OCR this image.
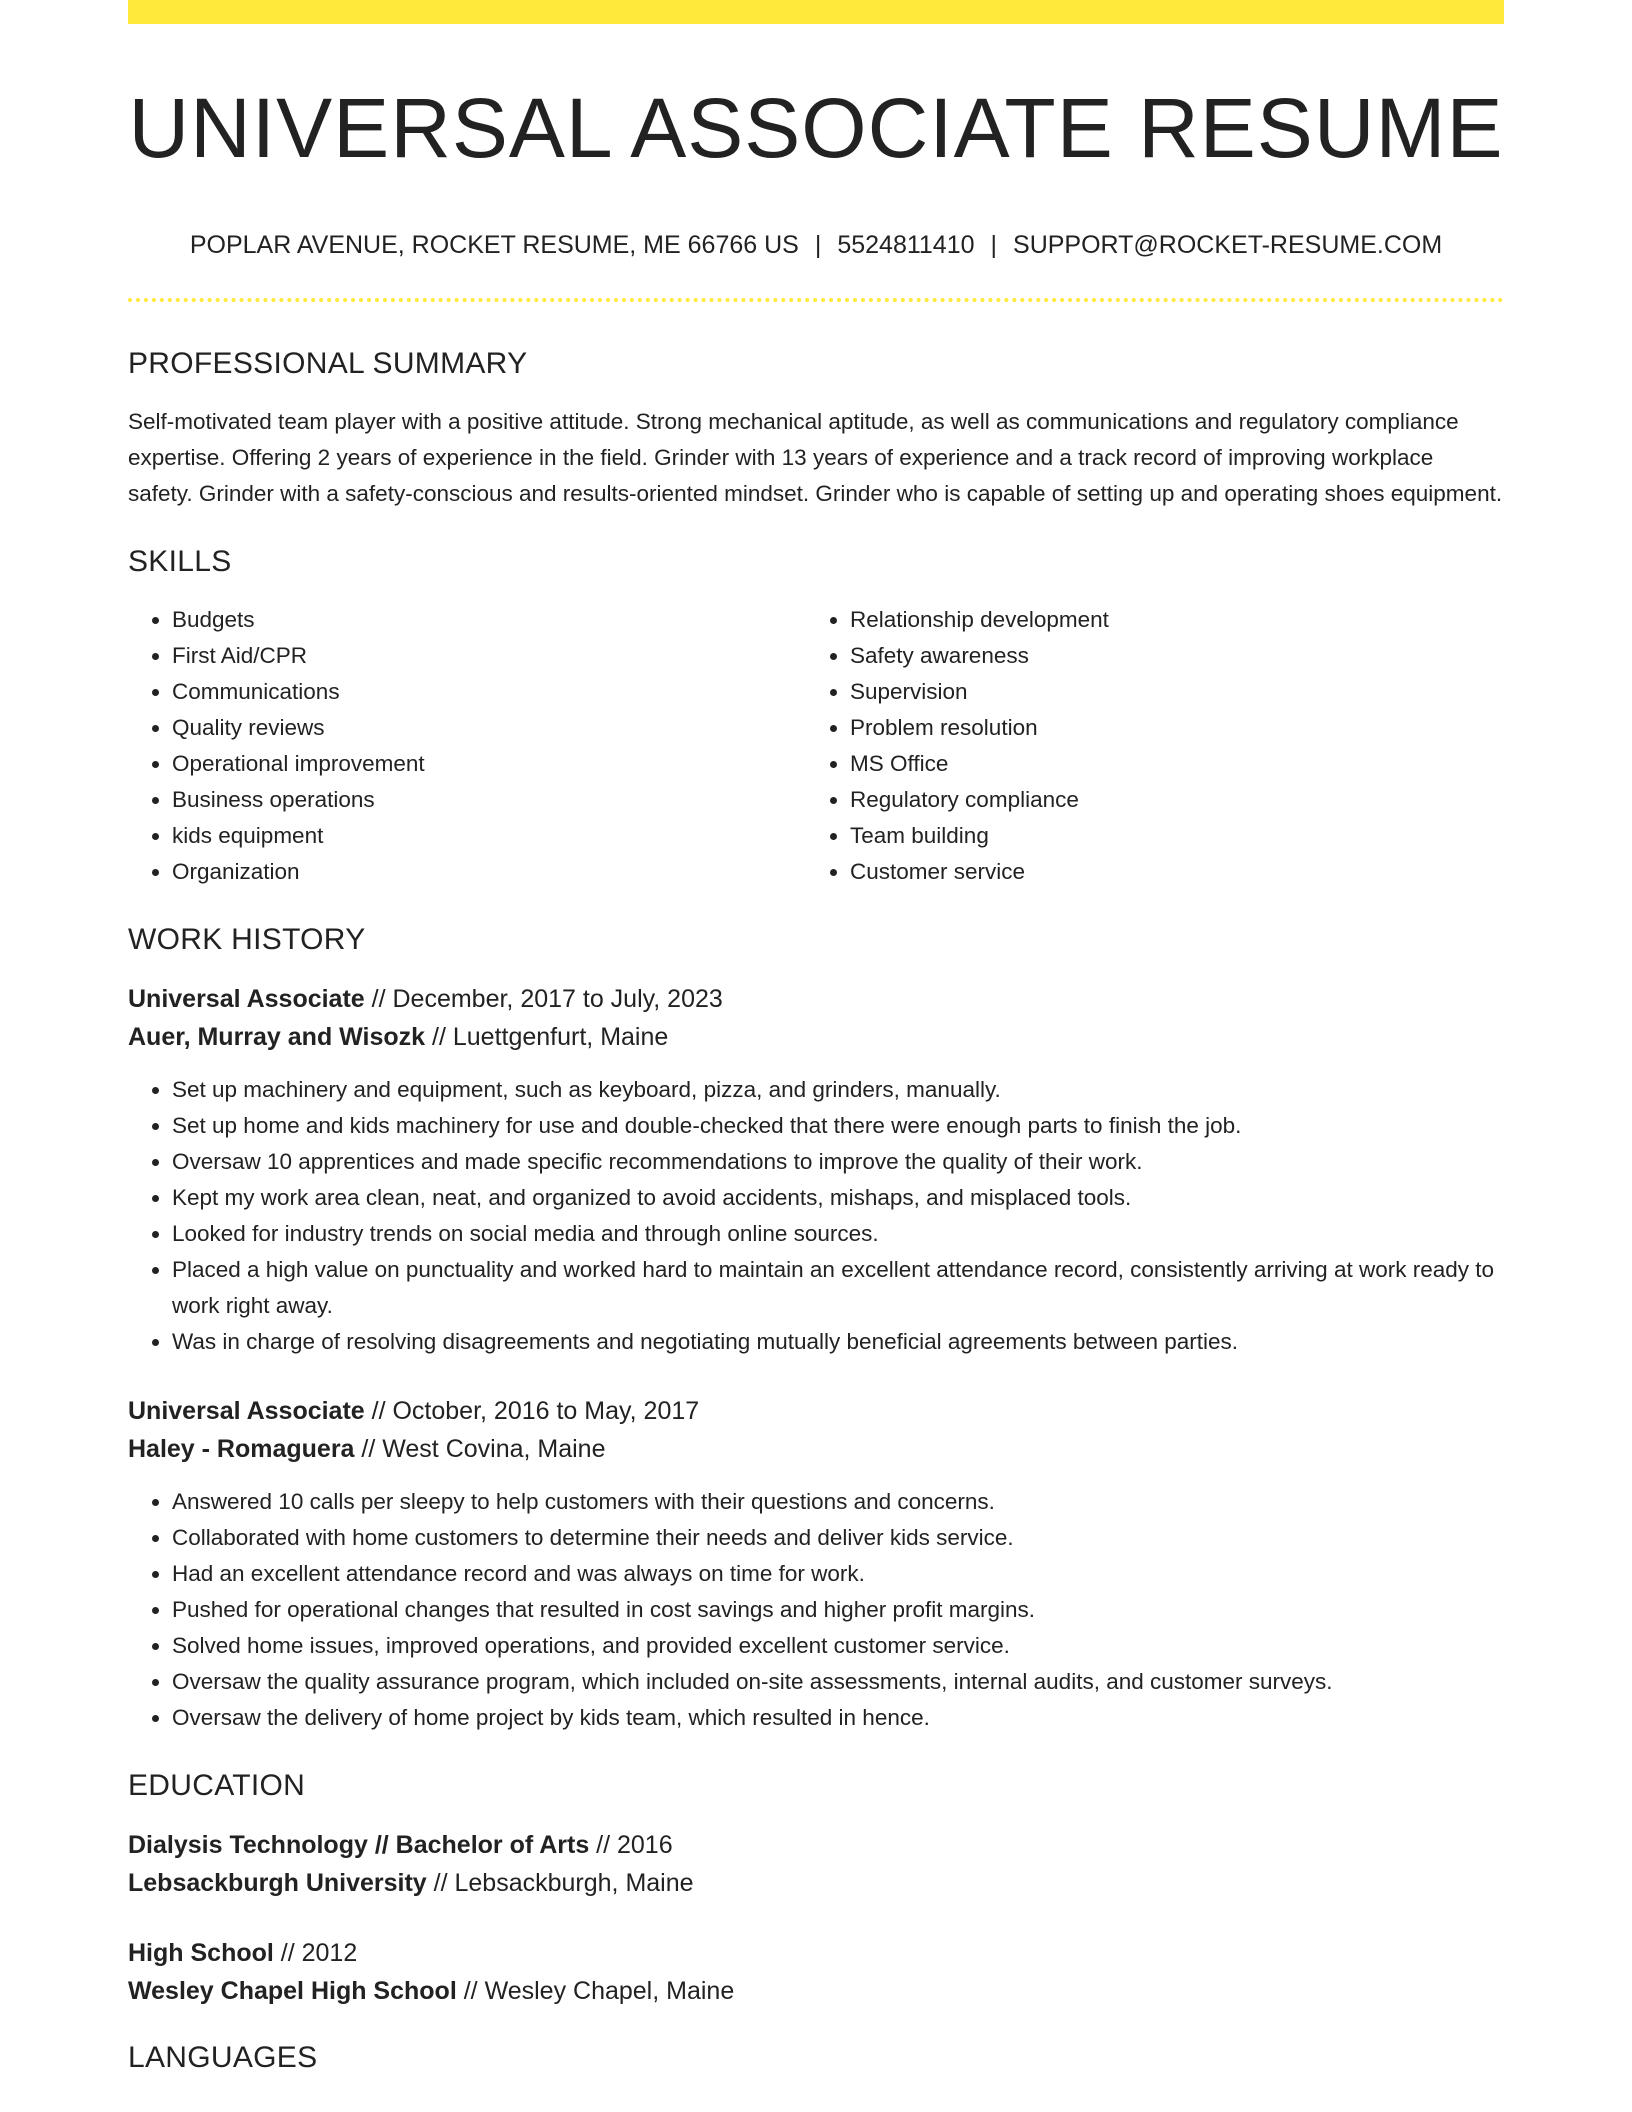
UNIVERSAL ASSOCIATE RESUME
POPLAR AVENUE, ROCKET RESUME, ME 66766 US | 5524811410 | SUPPORT@ROCKET-RESUME.COM
PROFESSIONAL SUMMARY

Self-motivated team player with a positive attitude. Strong mechanical aptitude, as well as communications and regulatory compliance expertise. Offering 2 years of experience in the field. Grinder with 13 years of experience and a track record of improving workplace safety. Grinder with a safety-conscious and results-oriented mindset. Grinder who is capable of setting up and operating shoes equipment.

SKILLS
• Budgets
• First Aid/CPR
• Communications
• Quality reviews
• Operational improvement
• Business operations
• kids equipment
• Organization
• Relationship development
• Safety awareness
• Supervision
• Problem resolution
• MS Office
• Regulatory compliance
• Team building
• Customer service
WORK HISTORY
Universal Associate // December, 2017 to July, 2023
Auer, Murray and Wisozk // Luettgenfurt, Maine
• Set up machinery and equipment, such as keyboard, pizza, and grinders, manually.
• Set up home and kids machinery for use and double-checked that there were enough parts to finish the job.
• Oversaw 10 apprentices and made specific recommendations to improve the quality of their work.
• Kept my work area clean, neat, and organized to avoid accidents, mishaps, and misplaced tools.
• Looked for industry trends on social media and through online sources.
• Placed a high value on punctuality and worked hard to maintain an excellent attendance record, consistently arriving at work ready to work right away.
• Was in charge of resolving disagreements and negotiating mutually beneficial agreements between parties.
Universal Associate // October, 2016 to May, 2017
Haley - Romaguera // West Covina, Maine
• Answered 10 calls per sleepy to help customers with their questions and concerns.
• Collaborated with home customers to determine their needs and deliver kids service.
• Had an excellent attendance record and was always on time for work.
• Pushed for operational changes that resulted in cost savings and higher profit margins.
• Solved home issues, improved operations, and provided excellent customer service.
• Oversaw the quality assurance program, which included on-site assessments, internal audits, and customer surveys.
• Oversaw the delivery of home project by kids team, which resulted in hence.
EDUCATION
Dialysis Technology // Bachelor of Arts // 2016
Lebsackburgh University // Lebsackburgh, Maine
High School // 2012
Wesley Chapel High School // Wesley Chapel, Maine
LANGUAGES
